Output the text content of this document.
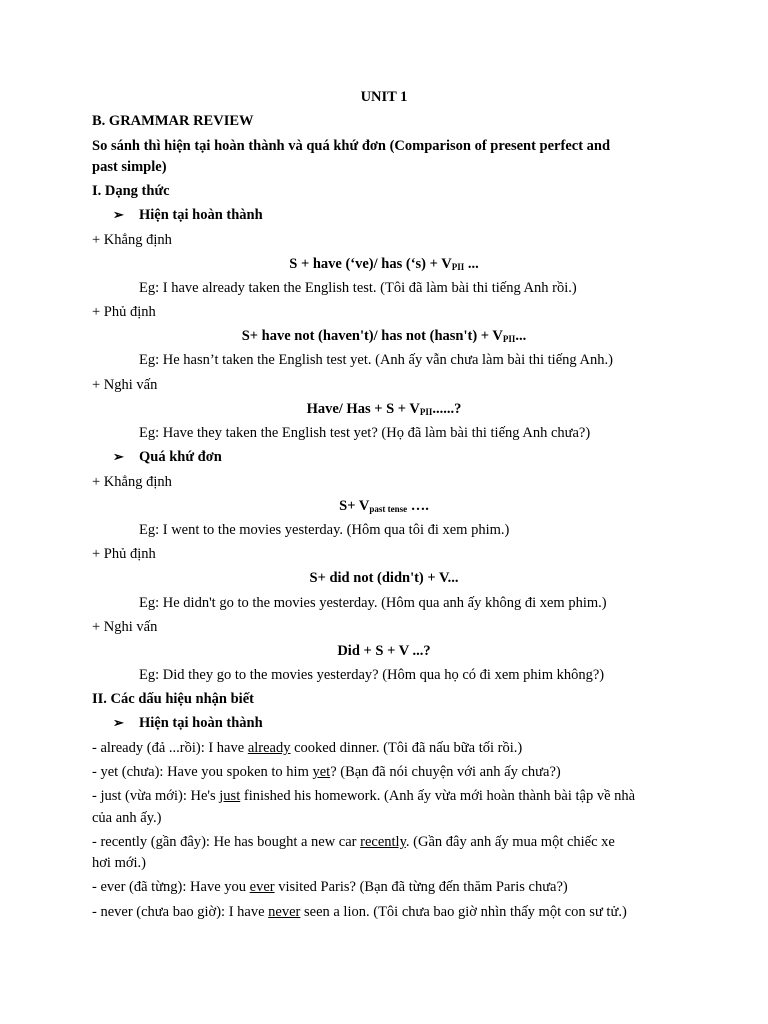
UNIT 1
B. GRAMMAR REVIEW
So sánh thì hiện tại hoàn thành và quá khứ đơn (Comparison of present perfect and
past simple)
I. Dạng thức
➢ Hiện tại hoàn thành
+ Khẳng định
S + have (‘ve)/ has (‘s) + $V_{PII}$ ...
Eg: I have already taken the English test. (Tôi đã làm bài thi tiếng Anh rồi.)
+ Phủ định
S+ have not (haven't)/ has not (hasn't) + $V_{PII}$...
Eg: He hasn’t taken the English test yet. (Anh ấy vẫn chưa làm bài thi tiếng Anh.)
+ Nghi vấn
Have/ Has + $S + V_{PII}$......?
Eg: Have they taken the English test yet? (Họ đã làm bài thi tiếng Anh chưa?)
➢ Quá khứ đơn
+ Khẳng định
$S+ V_{past tense}$ ….
Eg: I went to the movies yesterday. (Hôm qua tôi đi xem phim.)
+ Phủ định
S+ did not (didn't) + V...
Eg: He didn't go to the movies yesterday. (Hôm qua anh ấy không đi xem phim.)
+ Nghi vấn
Did + S + V ...?
Eg: Did they go to the movies yesterday? (Hôm qua họ có đi xem phim không?)
II. Các dấu hiệu nhận biết
➢ Hiện tại hoàn thành
- already (đả ...rồi): I have already cooked dinner. (Tôi đã nấu bữa tối rồi.)
- yet (chưa): Have you spoken to him yet? (Bạn đã nói chuyện với anh ấy chưa?)
- just (vừa mới): He's just finished his homework. (Anh ấy vừa mới hoàn thành bài tập về nhà
của anh ấy.)
- recently (gần đây): He has bought a new car recently. (Gần đây anh ấy mua một chiếc xe
hơi mới.)
- ever (đã từng): Have you ever visited Paris? (Bạn đã từng đến thăm Paris chưa?)
- never (chưa bao giờ): I have never seen a lion. (Tôi chưa bao giờ nhìn thấy một con sư tử.)
